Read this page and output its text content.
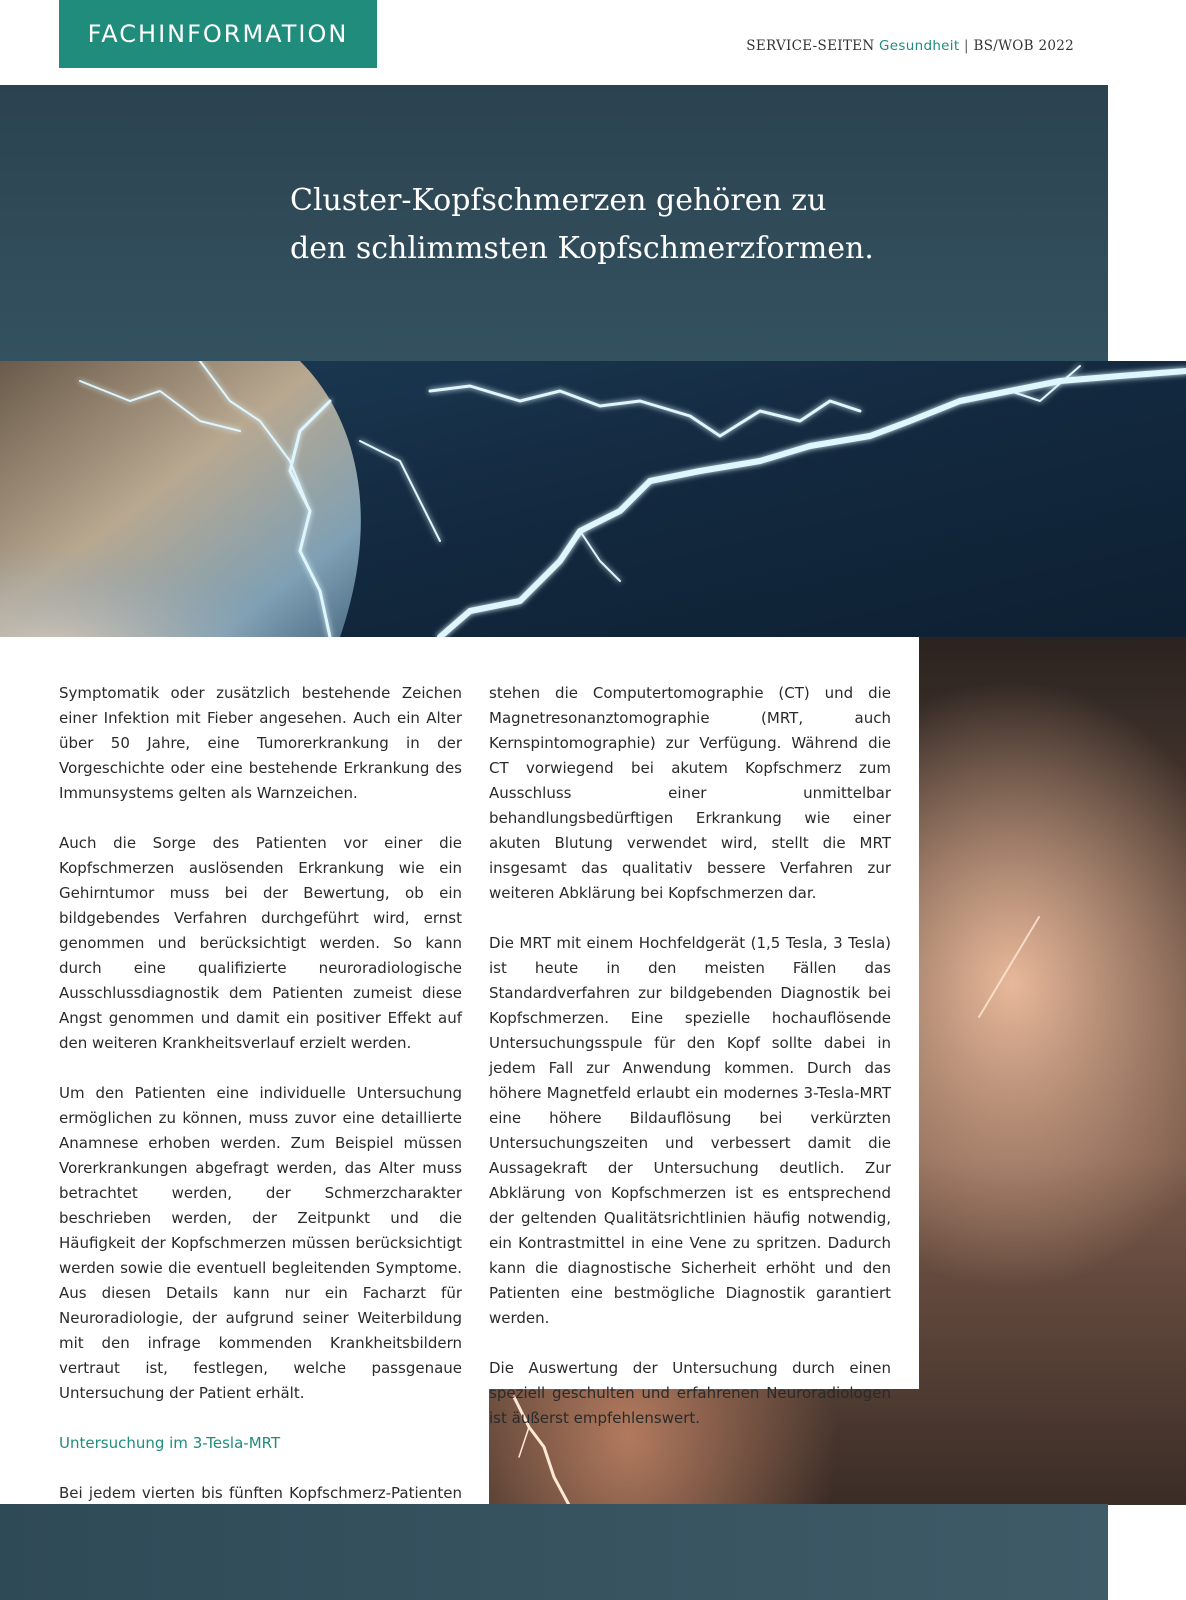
FACHINFORMATION	SERVICE-SEITEN Gesundheit | BS/WOB 2022
Cluster-Kopfschmerzen gehören zu
den schlimmsten Kopfschmerzformen.

Symptomatik oder zusätzlich bestehende Zeichen einer Infektion mit Fieber angesehen. Auch ein Alter über 50 Jahre, eine Tumorerkrankung in der Vorgeschichte oder eine bestehende Erkrankung des Immunsystems gelten als Warnzeichen.

Auch die Sorge des Patienten vor einer die Kopfschmerzen auslösenden Erkrankung wie ein Gehirntumor muss bei der Bewertung, ob ein bildgebendes Verfahren durchgeführt wird, ernst genommen und berücksichtigt werden. So kann durch eine qualifizierte neuroradiologische Ausschlussdiagnostik dem Patienten zumeist diese Angst genommen und damit ein positiver Effekt auf den weiteren Krankheitsverlauf erzielt werden.

Um den Patienten eine individuelle Untersuchung ermöglichen zu können, muss zuvor eine detaillierte Anamnese erhoben werden. Zum Beispiel müssen Vorerkrankungen abgefragt werden, das Alter muss betrachtet werden, der Schmerzcharakter beschrieben werden, der Zeitpunkt und die Häufigkeit der Kopfschmerzen müssen berücksichtigt werden sowie die eventuell begleitenden Symptome. Aus diesen Details kann nur ein Facharzt für Neuroradiologie, der aufgrund seiner Weiterbildung mit den infrage kommenden Krankheitsbildern vertraut ist, festlegen, welche passgenaue Untersuchung der Patient erhält.

Untersuchung im 3-Tesla-MRT

Bei jedem vierten bis fünften Kopfschmerz-Patienten

stehen die Computertomographie (CT) und die Magnetresonanztomographie (MRT, auch Kernspintomographie) zur Verfügung. Während die CT vorwiegend bei akutem Kopfschmerz zum Ausschluss einer unmittelbar behandlungsbedürftigen Erkrankung wie einer akuten Blutung verwendet wird, stellt die MRT insgesamt das qualitativ bessere Verfahren zur weiteren Abklärung bei Kopfschmerzen dar.

Die MRT mit einem Hochfeldgerät (1,5 Tesla, 3 Tesla) ist heute in den meisten Fällen das Standardverfahren zur bildgebenden Diagnostik bei Kopfschmerzen. Eine spezielle hochauflösende Untersuchungsspule für den Kopf sollte dabei in jedem Fall zur Anwendung kommen. Durch das höhere Magnetfeld erlaubt ein modernes 3-Tesla-MRT eine höhere Bildauflösung bei verkürzten Untersuchungszeiten und verbessert damit die Aussagekraft der Untersuchung deutlich. Zur Abklärung von Kopfschmerzen ist es entsprechend der geltenden Qualitätsrichtlinien häufig notwendig, ein Kontrastmittel in eine Vene zu spritzen. Dadurch kann die diagnostische Sicherheit erhöht und den Patienten eine bestmögliche Diagnostik garantiert werden.

Die Auswertung der Untersuchung durch einen speziell geschulten und erfahrenen Neuroradiologen ist äußerst empfehlenswert.
